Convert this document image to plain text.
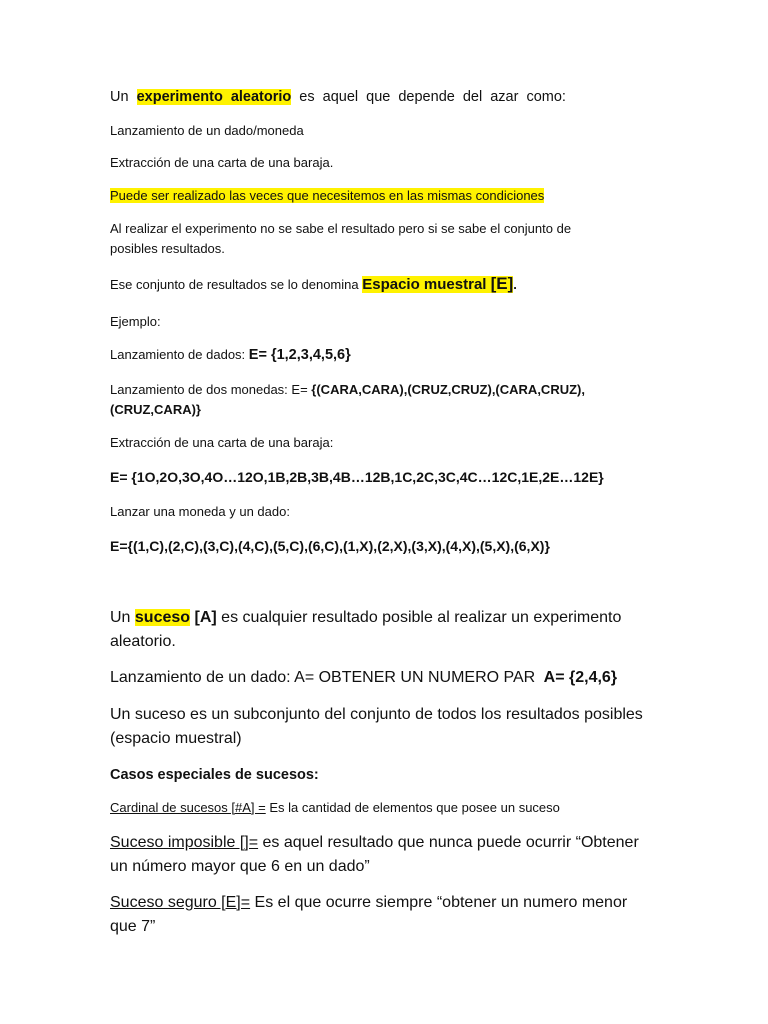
Un experimento aleatorio es aquel que depende del azar como:

Lanzamiento de un dado/moneda

Extracción de una carta de una baraja.

Puede ser realizado las veces que necesitemos en las mismas condiciones

Al realizar el experimento no se sabe el resultado pero si se sabe el conjunto de

posibles resultados.

Ese conjunto de resultados se lo denomina Espacio muestral [E].

Ejemplo:

Lanzamiento de dados: E= {1,2,3,4,5,6}

Lanzamiento de dos monedas: E= {(CARA,CARA),(CRUZ,CRUZ),(CARA,CRUZ),

(CRUZ,CARA)}

Extracción de una carta de una baraja:

E= {1O,2O,3O,4O…12O,1B,2B,3B,4B…12B,1C,2C,3C,4C…12C,1E,2E…12E}

Lanzar una moneda y un dado:

E={(1,C),(2,C),(3,C),(4,C),(5,C),(6,C),(1,X),(2,X),(3,X),(4,X),(5,X),(6,X)}

Un suceso [A] es cualquier resultado posible al realizar un experimento

aleatorio.

Lanzamiento de un dado: A= OBTENER UN NUMERO PAR A= {2,4,6}

Un suceso es un subconjunto del conjunto de todos los resultados posibles

(espacio muestral)

Casos especiales de sucesos:

Cardinal de sucesos [#A] = Es la cantidad de elementos que posee un suceso

Suceso imposible []= es aquel resultado que nunca puede ocurrir “Obtener

un número mayor que 6 en un dado”

Suceso seguro [E]= Es el que ocurre siempre “obtener un numero menor

que 7”
